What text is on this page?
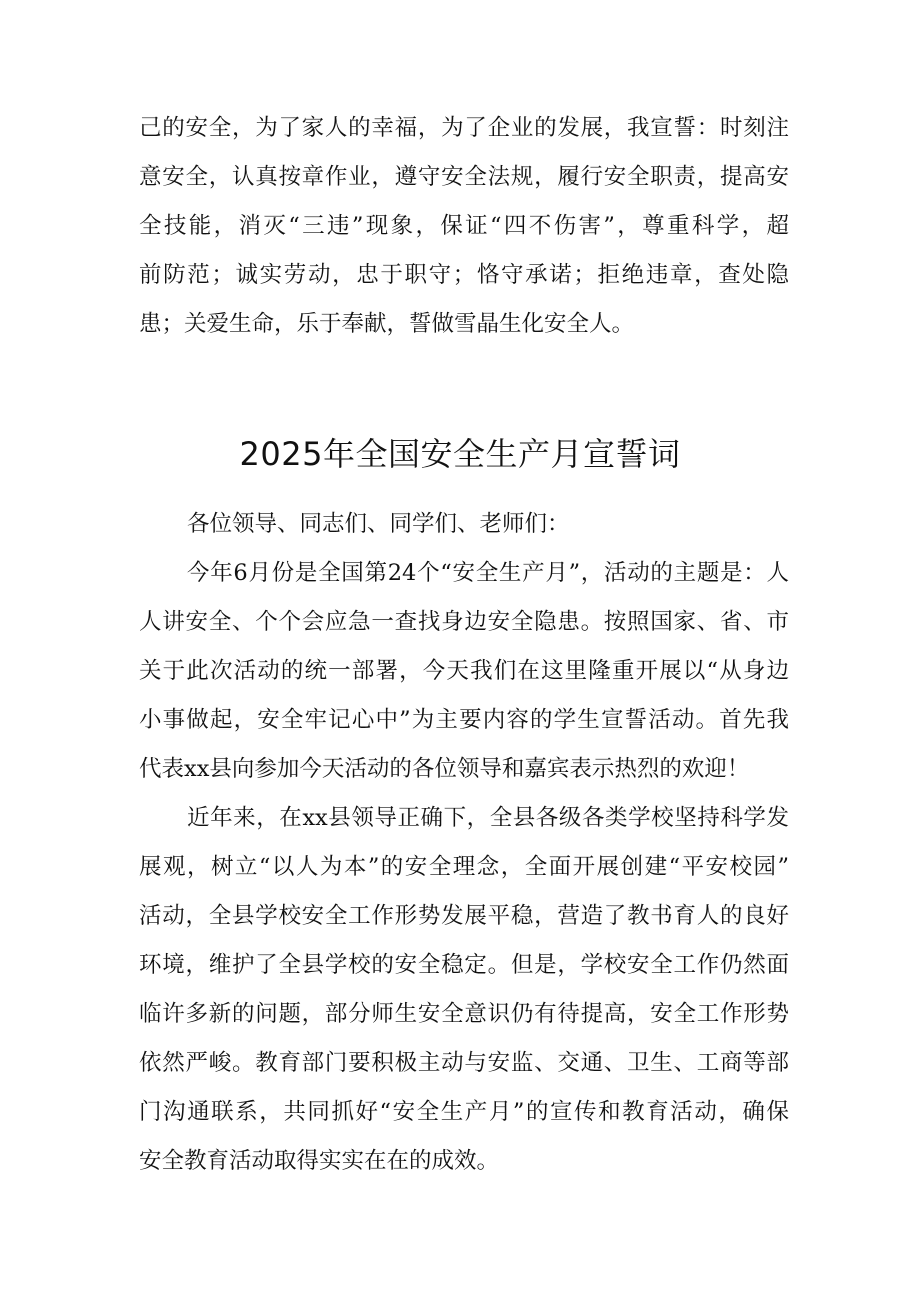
己的安全，为了家人的幸福，为了企业的发展，我宣誓：时刻注
意安全，认真按章作业，遵守安全法规，履行安全职责，提高安
全技能，消灭“三违”现象，保证“四不伤害”，尊重科学，超
前防范；诚实劳动，忠于职守；恪守承诺；拒绝违章，查处隐
患；关爱生命，乐于奉献，誓做雪晶生化安全人。
2025年全国安全生产月宣誓词
各位领导、同志们、同学们、老师们：
今年6月份是全国第24个“安全生产月”，活动的主题是：人
人讲安全、个个会应急一查找身边安全隐患。按照国家、省、市
关于此次活动的统一部署，今天我们在这里隆重开展以“从身边
小事做起，安全牢记心中”为主要内容的学生宣誓活动。首先我
代表xx县向参加今天活动的各位领导和嘉宾表示热烈的欢迎！
近年来，在xx县领导正确下，全县各级各类学校坚持科学发
展观，树立“以人为本”的安全理念，全面开展创建“平安校园”
活动，全县学校安全工作形势发展平稳，营造了教书育人的良好
环境，维护了全县学校的安全稳定。但是，学校安全工作仍然面
临许多新的问题，部分师生安全意识仍有待提高，安全工作形势
依然严峻。教育部门要积极主动与安监、交通、卫生、工商等部
门沟通联系，共同抓好“安全生产月”的宣传和教育活动，确保
安全教育活动取得实实在在的成效。
